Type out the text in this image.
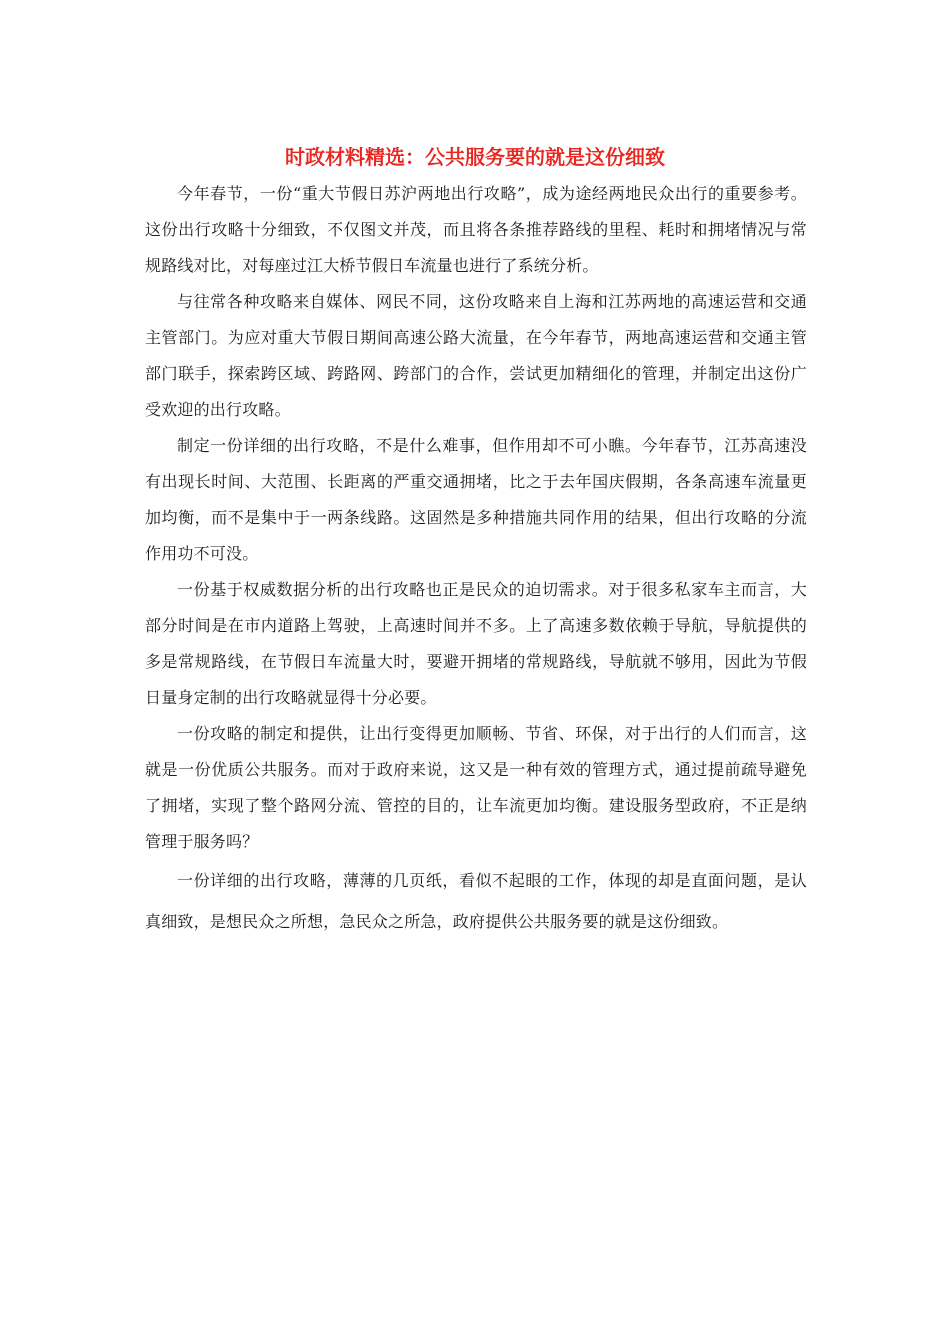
时政材料精选：公共服务要的就是这份细致

今年春节，一份“重大节假日苏沪两地出行攻略”，成为途经两地民众出行的重要参考。这份出行攻略十分细致，不仅图文并茂，而且将各条推荐路线的里程、耗时和拥堵情况与常规路线对比，对每座过江大桥节假日车流量也进行了系统分析。

与往常各种攻略来自媒体、网民不同，这份攻略来自上海和江苏两地的高速运营和交通主管部门。为应对重大节假日期间高速公路大流量，在今年春节，两地高速运营和交通主管部门联手，探索跨区域、跨路网、跨部门的合作，尝试更加精细化的管理，并制定出这份广受欢迎的出行攻略。

制定一份详细的出行攻略，不是什么难事，但作用却不可小瞧。今年春节，江苏高速没有出现长时间、大范围、长距离的严重交通拥堵，比之于去年国庆假期，各条高速车流量更加均衡，而不是集中于一两条线路。这固然是多种措施共同作用的结果，但出行攻略的分流作用功不可没。

一份基于权威数据分析的出行攻略也正是民众的迫切需求。对于很多私家车主而言，大部分时间是在市内道路上驾驶，上高速时间并不多。上了高速多数依赖于导航，导航提供的多是常规路线，在节假日车流量大时，要避开拥堵的常规路线，导航就不够用，因此为节假日量身定制的出行攻略就显得十分必要。

一份攻略的制定和提供，让出行变得更加顺畅、节省、环保，对于出行的人们而言，这就是一份优质公共服务。而对于政府来说，这又是一种有效的管理方式，通过提前疏导避免了拥堵，实现了整个路网分流、管控的目的，让车流更加均衡。建设服务型政府，不正是纳管理于服务吗？

一份详细的出行攻略，薄薄的几页纸，看似不起眼的工作，体现的却是直面问题，是认真细致，是想民众之所想，急民众之所急，政府提供公共服务要的就是这份细致。
